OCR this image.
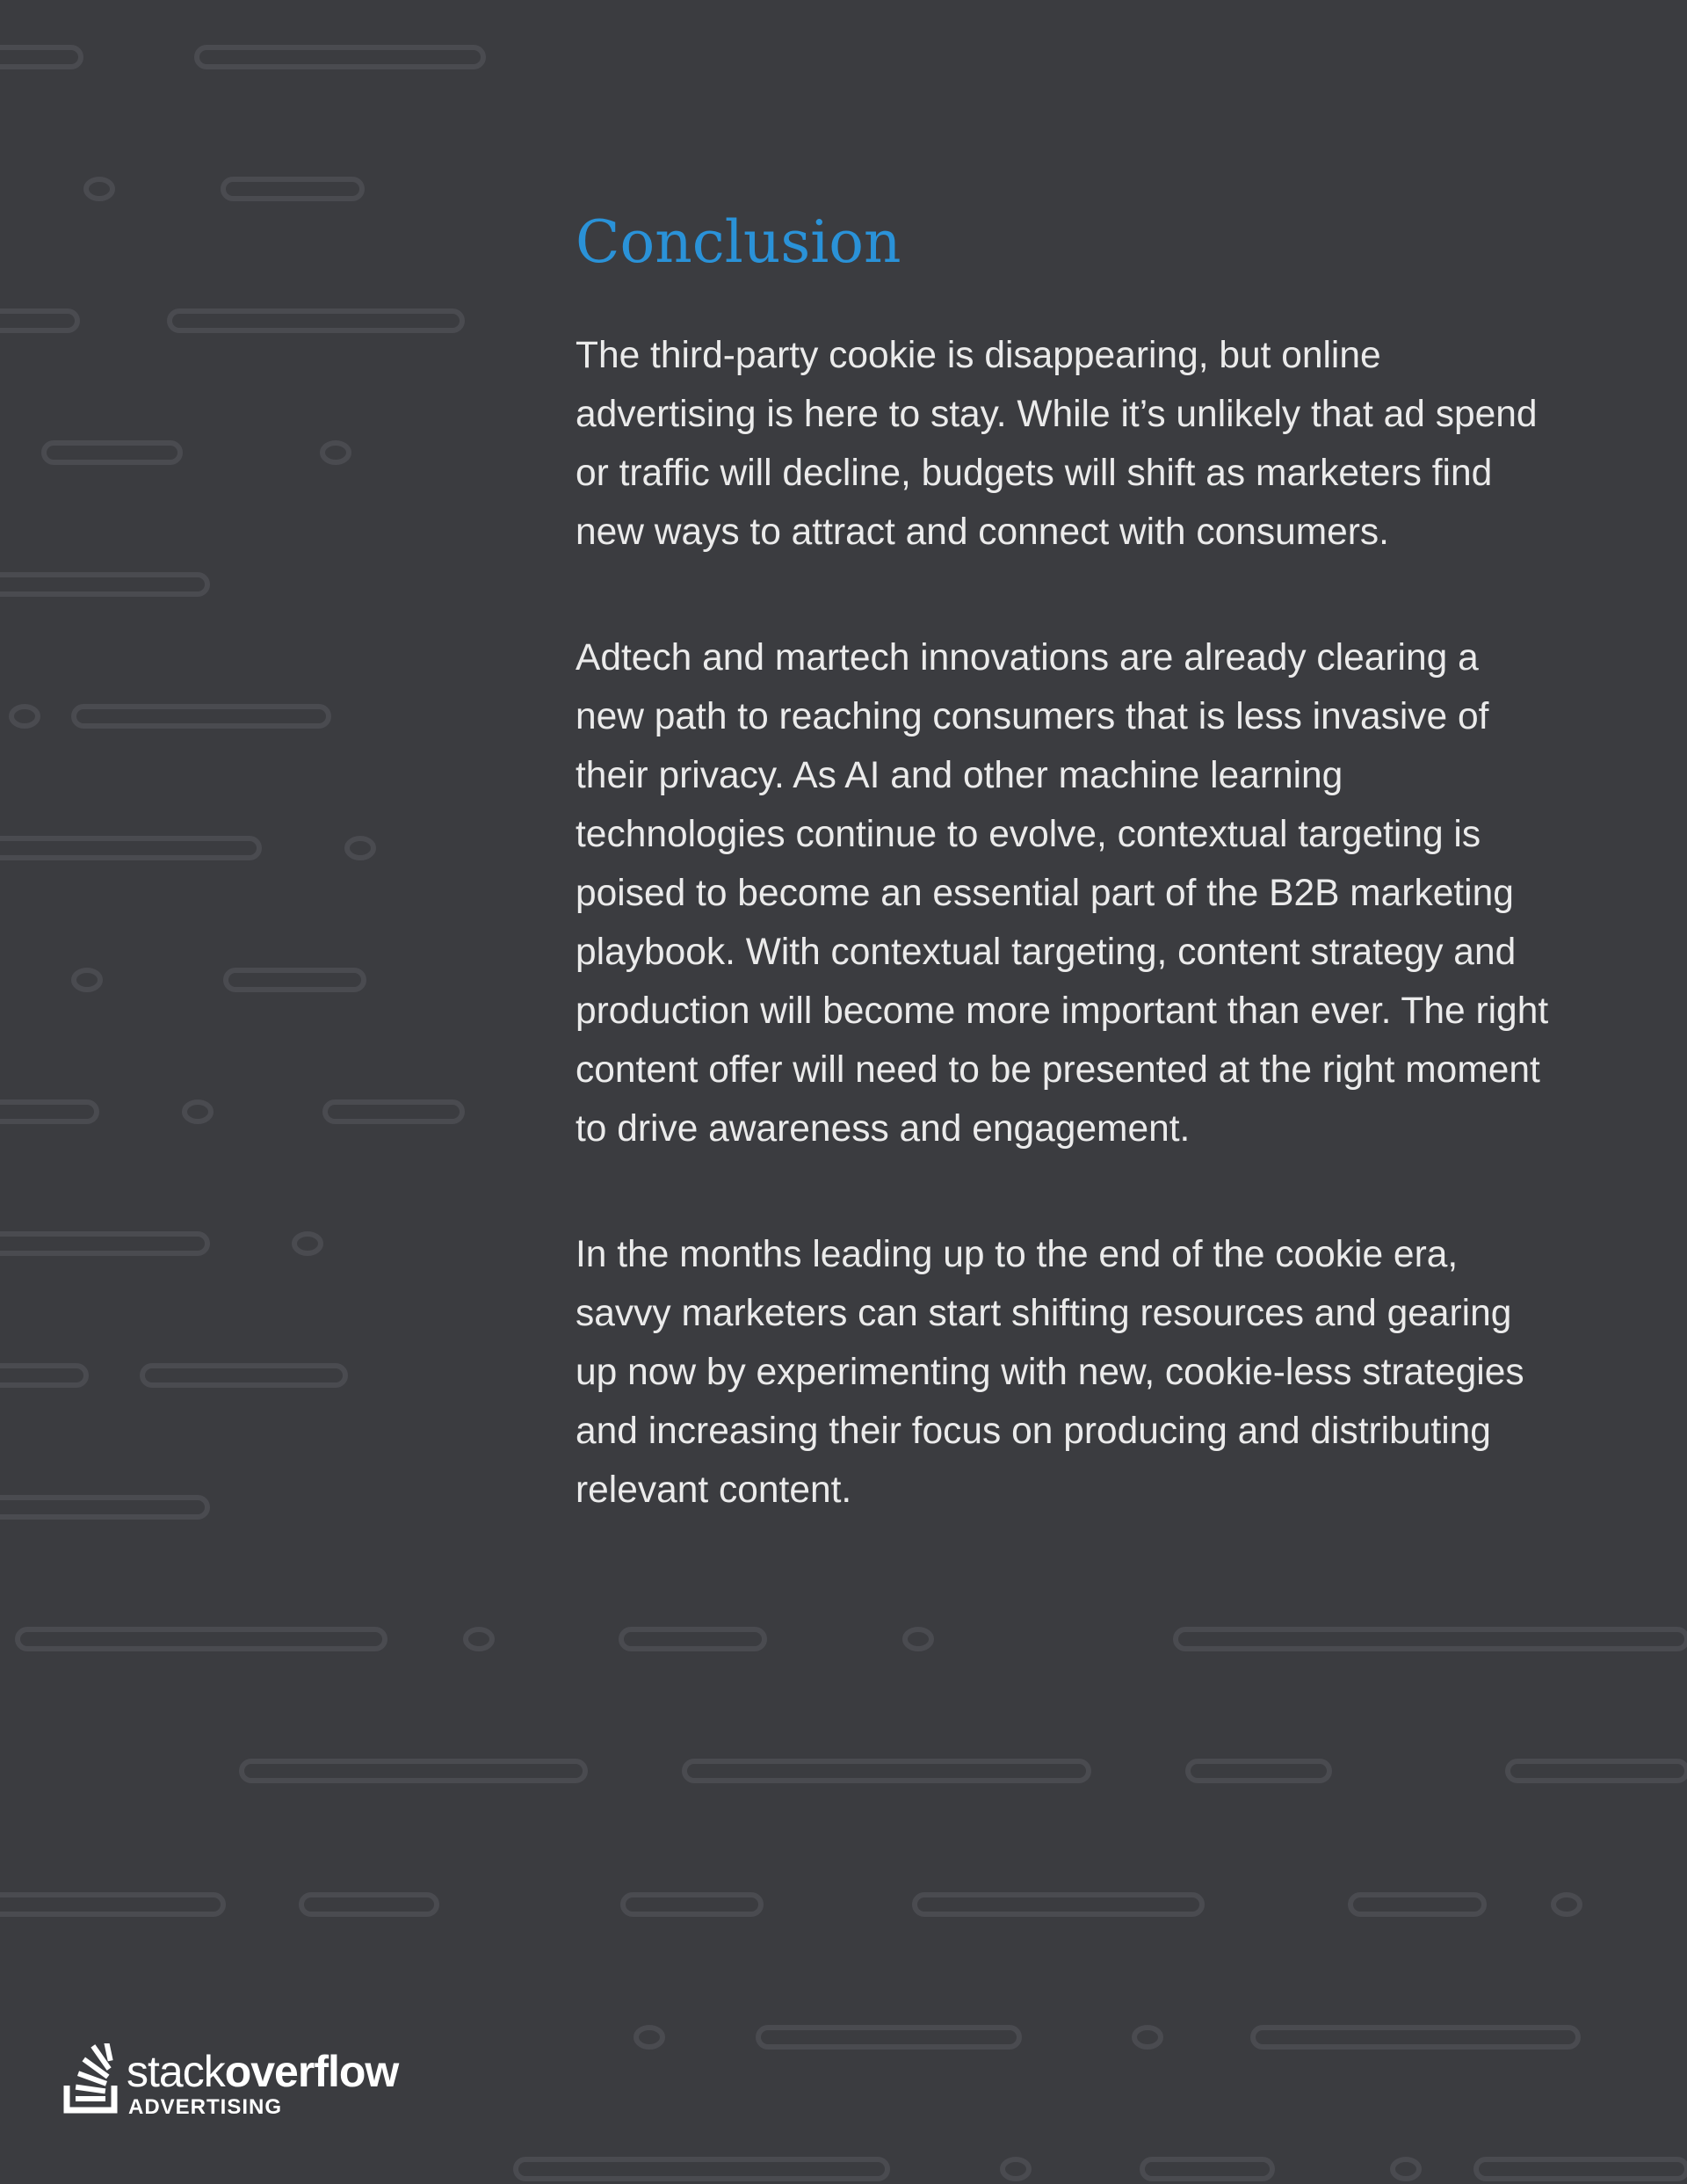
Conclusion

The third-party cookie is disappearing, but online advertising is here to stay. While it’s unlikely that ad spend or traffic will decline, budgets will shift as marketers find new ways to attract and connect with consumers.

Adtech and martech innovations are already clearing a new path to reaching consumers that is less invasive of their privacy. As AI and other machine learning technologies continue to evolve, contextual targeting is poised to become an essential part of the B2B marketing playbook. With contextual targeting, content strategy and production will become more important than ever. The right content offer will need to be presented at the right moment to drive awareness and engagement.

In the months leading up to the end of the cookie era, savvy marketers can start shifting resources and gearing up now by experimenting with new, cookie-less strategies and increasing their focus on producing and distributing relevant content.

stackoverflow
ADVERTISING
